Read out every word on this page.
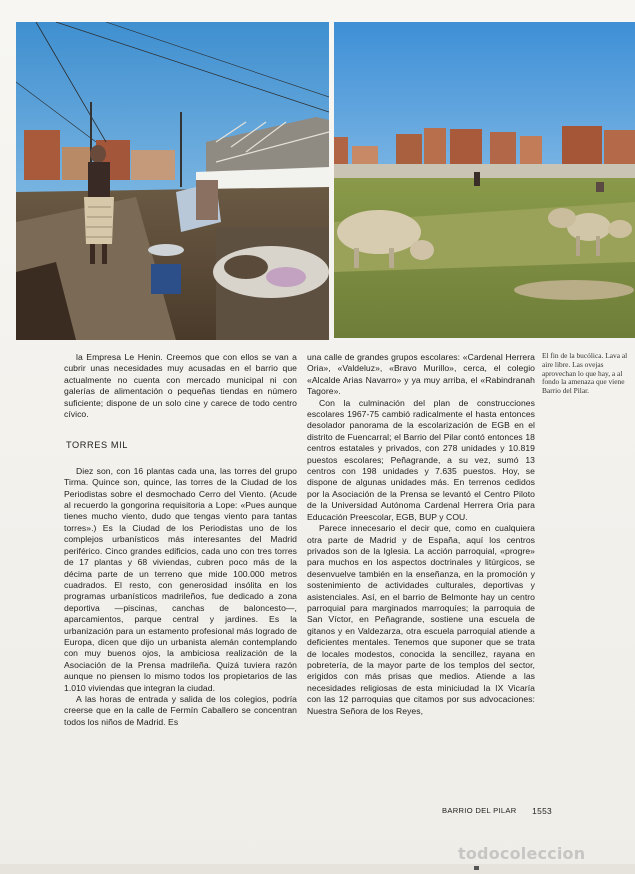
El fin de la bucólica. Lava al aire libre. Las ovejas aprovechan lo que hay, a al fondo la amenaza que viene Barrio del Pilar.

la Empresa Le Henin. Creemos que con ellos se van a cubrir unas necesidades muy acusadas en el barrio que actualmente no cuenta con mercado municipal ni con galerías de alimentación o pequeñas tiendas en número suficiente; dispone de un solo cine y carece de todo centro cívico.

TORRES MIL

Diez son, con 16 plantas cada una, las torres del grupo Tirma. Quince son, quince, las torres de la Ciudad de los Periodistas sobre el desmochado Cerro del Viento. (Acude al recuerdo la gongorina requisitoria a Lope: «Pues aunque tienes mucho viento, dudo que tengas viento para tantas torres».) Es la Ciudad de los Periodistas uno de los complejos urbanísticos más interesantes del Madrid periférico. Cinco grandes edificios, cada uno con tres torres de 17 plantas y 68 viviendas, cubren poco más de la décima parte de un terreno que mide 100.000 metros cuadrados. El resto, con generosidad insólita en los programas urbanísticos madrileños, fue dedicado a zona deportiva —piscinas, canchas de baloncesto—, aparcamientos, parque central y jardines. Es la urbanización para un estamento profesional más logrado de Europa, dicen que dijo un urbanista alemán contemplando con muy buenos ojos, la ambiciosa realización de la Asociación de la Prensa madrileña. Quizá tuviera razón aunque no piensen lo mismo todos los propietarios de las 1.010 viviendas que integran la ciudad.

A las horas de entrada y salida de los colegios, podría creerse que en la calle de Fermín Caballero se concentran todos los niños de Madrid. Es

una calle de grandes grupos escolares: «Cardenal Herrera Oria», «Valdeluz», «Bravo Murillo», cerca, el colegio «Alcalde Arias Navarro» y ya muy arriba, el «Rabindranah Tagore».

Con la culminación del plan de construcciones escolares 1967-75 cambió radicalmente el hasta entonces desolador panorama de la escolarización de EGB en el distrito de Fuencarral; el Barrio del Pilar contó entonces 18 centros estatales y privados, con 278 unidades y 10.819 puestos escolares; Peñagrande, a su vez, sumó 13 centros con 198 unidades y 7.635 puestos. Hoy, se dispone de algunas unidades más. En terrenos cedidos por la Asociación de la Prensa se levantó el Centro Piloto de la Universidad Autónoma Cardenal Herrera Oria para Educación Preescolar, EGB, BUP y COU.

Parece innecesario el decir que, como en cualquiera otra parte de Madrid y de España, aquí los centros privados son de la Iglesia. La acción parroquial, «progre» para muchos en los aspectos doctrinales y litúrgicos, se desenvuelve también en la enseñanza, en la promoción y sostenimiento de actividades culturales, deportivas y asistenciales. Así, en el barrio de Belmonte hay un centro parroquial para marginados marroquíes; la parroquia de San Víctor, en Peñagrande, sostiene una escuela de gitanos y en Valdezarza, otra escuela parroquial atiende a deficientes mentales. Tenemos que suponer que se trata de locales modestos, conocida la sencillez, rayana en pobretería, de la mayor parte de los templos del sector, erigidos con más prisas que medios. Atiende a las necesidades religiosas de esta miniciudad la IX Vicaría con las 12 parroquias que citamos por sus advocaciones: Nuestra Señora de los Reyes,

BARRIO DEL PILAR 1553
todocoleccion
